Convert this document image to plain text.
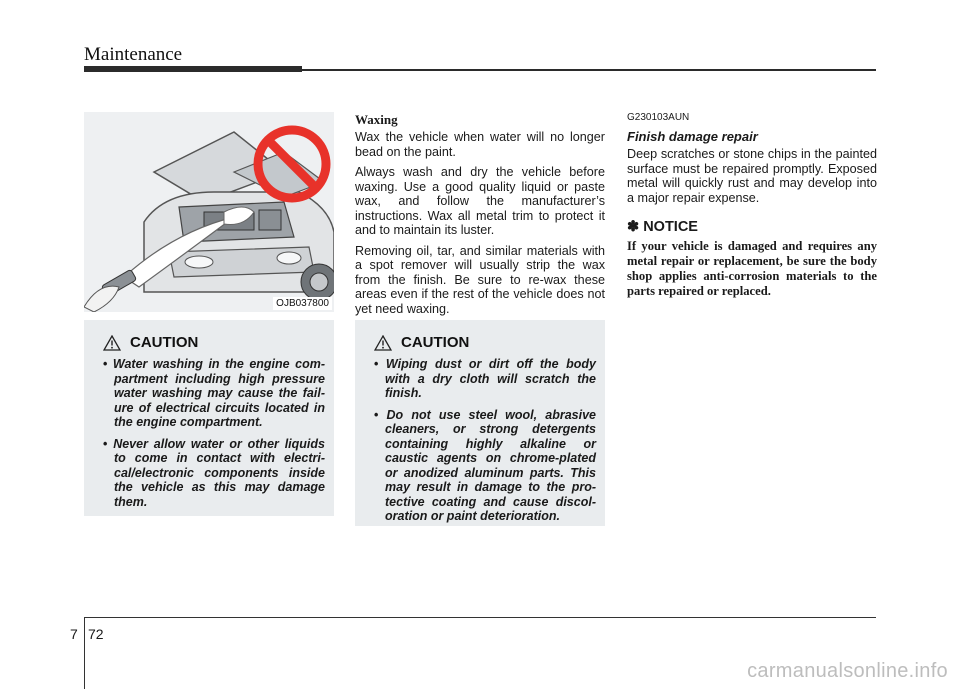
Maintenance
OJB037800
CAUTION
• Water washing in the engine com-partment including high pressure water washing may cause the fail-ure of electrical circuits located in the engine compartment.
• Never allow water or other liquids to come in contact with electri-cal/electronic components inside the vehicle as this may damage them.
Waxing

Wax the vehicle when water will no longer bead on the paint.

Always wash and dry the vehicle before waxing. Use a good quality liquid or paste wax, and follow the manufacturer’s instructions. Wax all metal trim to protect it and to maintain its luster.

Removing oil, tar, and similar materials with a spot remover will usually strip the wax from the finish. Be sure to re-wax these areas even if the rest of the vehicle does not yet need waxing.

CAUTION
• Wiping dust or dirt off the body with a dry cloth will scratch the finish.
• Do not use steel wool, abrasive cleaners, or strong detergents containing highly alkaline or caustic agents on chrome-plated or anodized aluminum parts. This may result in damage to the pro-tective coating and cause discol-oration or paint deterioration.
G230103AUN
Finish damage repair

Deep scratches or stone chips in the painted surface must be repaired promptly. Exposed metal will quickly rust and may develop into a major repair expense.

✽ NOTICE
If your vehicle is damaged and requires any metal repair or replacement, be sure the body shop applies anti-corrosion materials to the parts repaired or replaced.
7 72
carmanualsonline.info
